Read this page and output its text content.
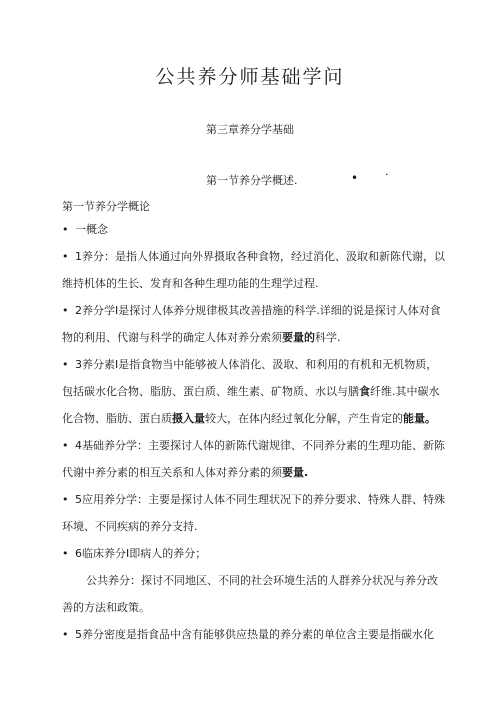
公共养分师基础学问
第三章养分学基础
第一节养分学概述.	• ·
第一节养分学概论
• 一概念
• 1养分：是指人体通过向外界摄取各种食物，经过消化、汲取和新陈代谢，以维持机体的生长、发育和各种生理功能的生理学过程.
• 2养分学I是探讨人体养分规律极其改善措施的科学.详细的说是探讨人体对食物的利用、代谢与科学的确定人体对养分索须要量的科学.
• 3养分素I是指食物当中能够被人体消化、汲取、和利用的有机和无机物质，包括碳水化合物、脂肪、蛋白质、维生素、矿物质、水以与膳食纤维.其中碳水化合物、脂肪、蛋白质摄入量较大，在体内经过氧化分解，产生肯定的能量。
• 4基础养分学：主要探讨人体的新陈代谢规律、不同养分素的生理功能、新陈代谢中养分素的相互关系和人体对养分素的须要量.
• 5应用养分学：主要是探讨人体不同生理状况下的养分要求、特殊人群、特殊环境、不同疾病的养分支持.
• 6临床养分I即病人的养分；
公共养分：探讨不同地区、不同的社会环境生活的人群养分状况与养分改善的方法和政策。
• 5养分密度是指食品中含有能够供应热量的养分素的单位含主要是指碳水化
